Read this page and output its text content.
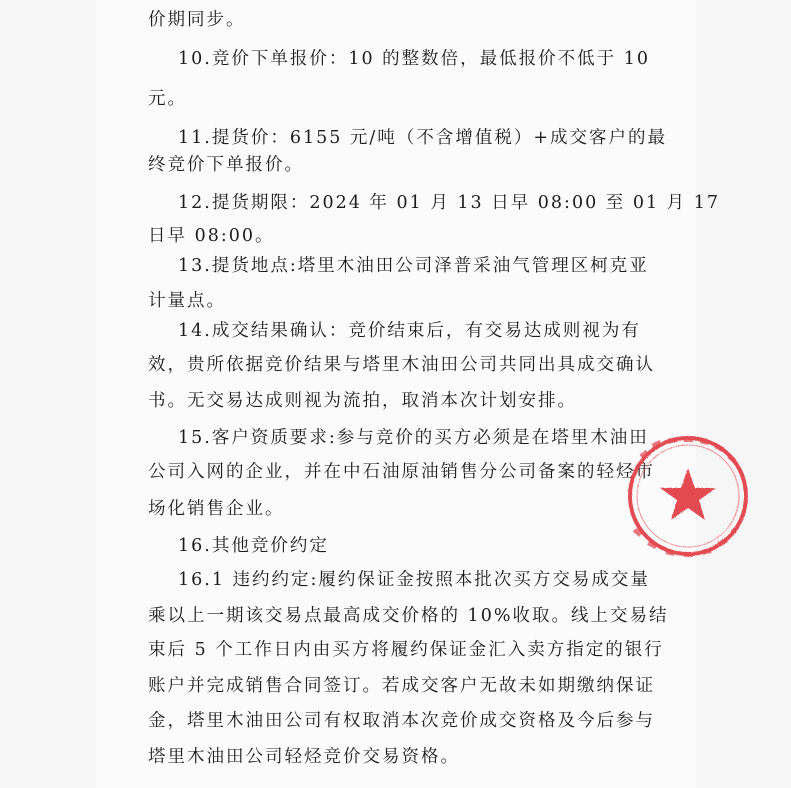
价期同步。
10.竞价下单报价：10 的整数倍，最低报价不低于 10
元。
11.提货价：6155 元/吨（不含增值税）+成交客户的最
终竞价下单报价。
12.提货期限：2024 年 01 月 13 日早 08:00 至 01 月 17
日早 08:00。
13.提货地点:塔里木油田公司泽普采油气管理区柯克亚
计量点。
14.成交结果确认：竞价结束后，有交易达成则视为有
效，贵所依据竞价结果与塔里木油田公司共同出具成交确认
书。无交易达成则视为流拍，取消本次计划安排。
15.客户资质要求:参与竞价的买方必须是在塔里木油田
公司入网的企业，并在中石油原油销售分公司备案的轻烃市
场化销售企业。
16.其他竞价约定
16.1 违约约定:履约保证金按照本批次买方交易成交量
乘以上一期该交易点最高成交价格的 10%收取。线上交易结
束后 5 个工作日内由买方将履约保证金汇入卖方指定的银行
账户并完成销售合同签订。若成交客户无故未如期缴纳保证
金，塔里木油田公司有权取消本次竞价成交资格及今后参与
塔里木油田公司轻烃竞价交易资格。
